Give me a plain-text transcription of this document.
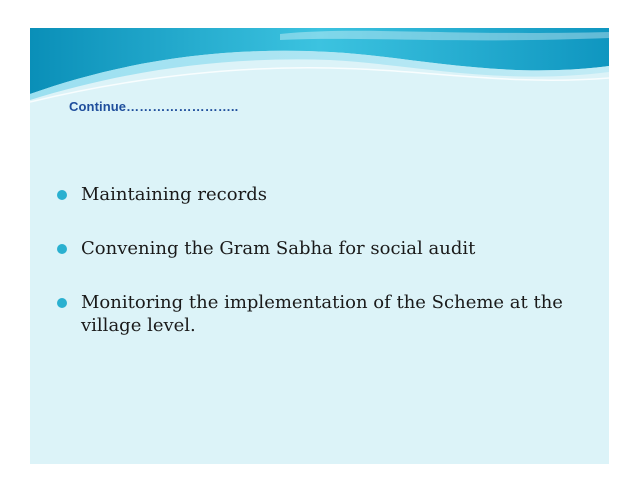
Continue……………………..
Maintaining records
Convening the Gram Sabha for social audit
Monitoring the implementation of the Scheme at the village level.
